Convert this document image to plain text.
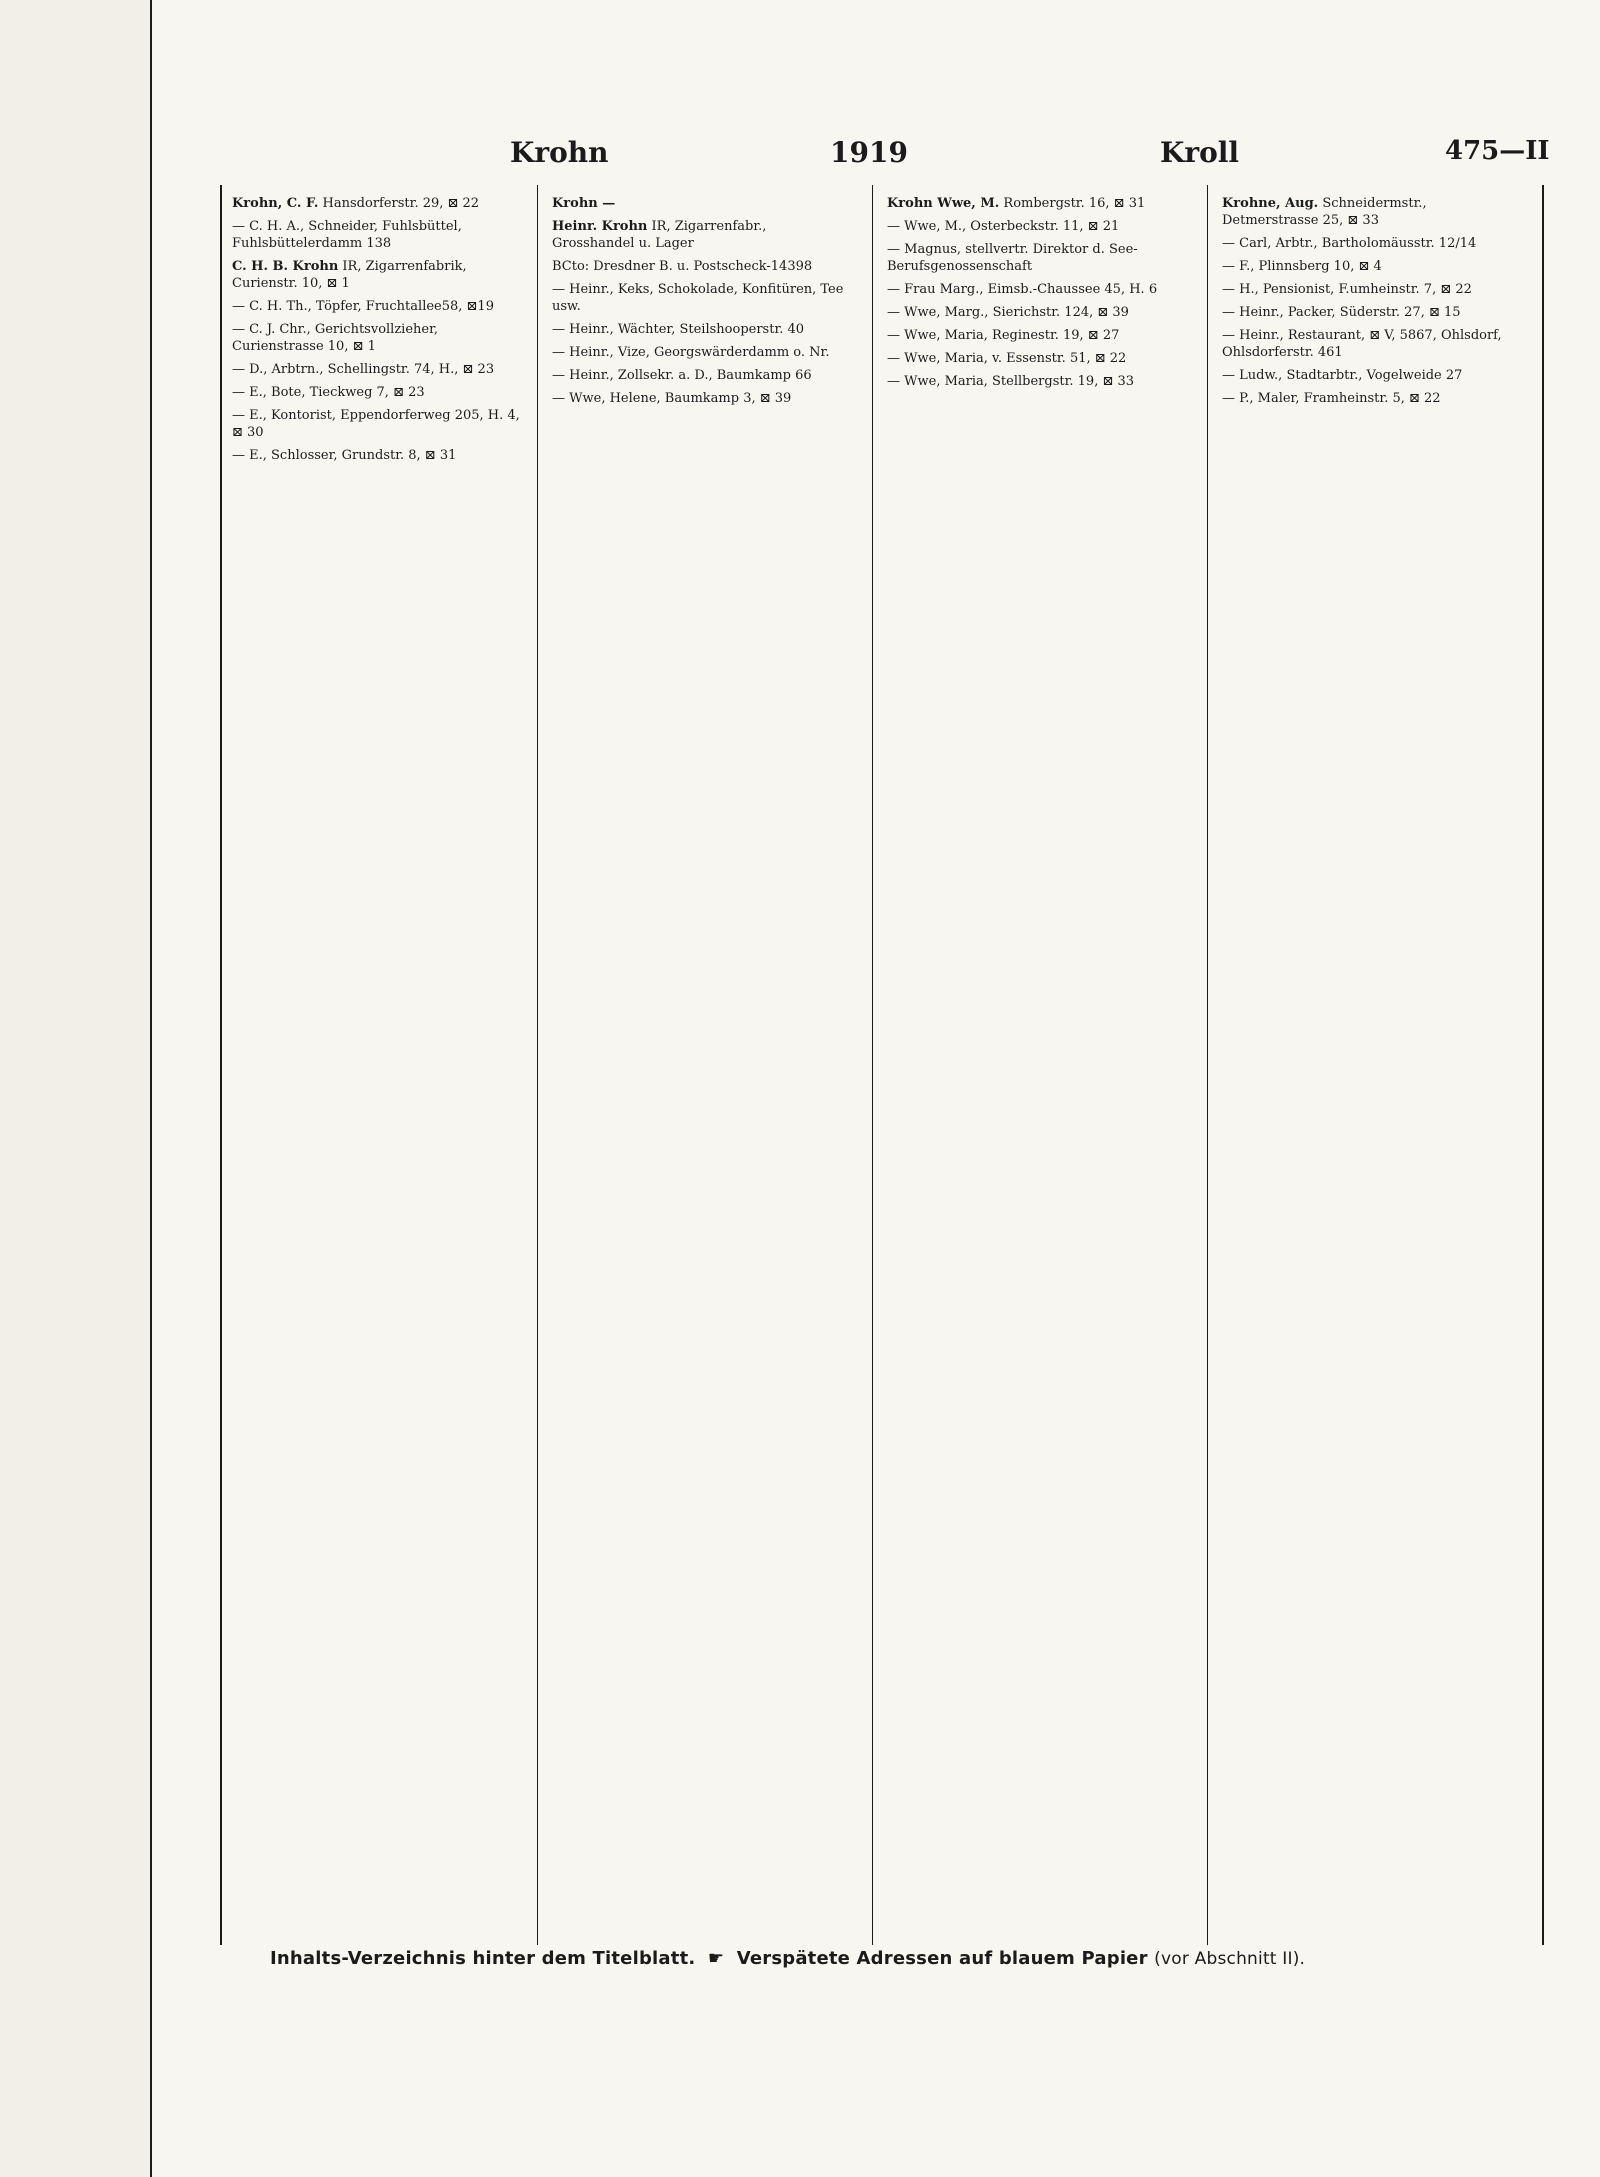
Krohn	1919	Kroll	475—II
Krohn, C. F. Hansdorferstr. 29, ⊠ 22
— C. H. A., Schneider, Fuhlsbüttel, Fuhlsbüttelerdamm 138
C. H. B. Krohn IR, Zigarrenfabrik, Curienstr. 10, ⊠ 1
— C. H. Th., Töpfer, Fruchtallee58, ⊠19
— C. J. Chr., Gerichtsvollzieher, Curienstrasse 10, ⊠ 1
— D., Arbtrn., Schellingstr. 74, H., ⊠ 23
— E., Bote, Tieckweg 7, ⊠ 23
— E., Kontorist, Eppendorferweg 205, H. 4, ⊠ 30
— E., Schlosser, Grundstr. 8, ⊠ 31
Krohn —
Heinr. Krohn IR, Zigarrenfabr., Grosshandel u. Lager
BCto: Dresdner B. u. Postscheck-14398
— Heinr., Keks, Schokolade, Konfitüren, Tee usw.
— Heinr., Wächter, Steilshooperstr. 40
— Heinr., Vize, Georgswärderdamm o. Nr.
— Heinr., Zollsekr. a. D., Baumkamp 66
— Wwe, Helene, Baumkamp 3, ⊠ 39
Krohn Wwe, M. Rombergstr. 16, ⊠ 31
— Wwe, M., Osterbeckstr. 11, ⊠ 21
— Magnus, stellvertr. Direktor d. See-Berufsgenossenschaft
— Frau Marg., Eimsb.-Chaussee 45, H. 6
— Wwe, Marg., Sierichstr. 124, ⊠ 39
— Wwe, Maria, Reginestr. 19, ⊠ 27
— Wwe, Maria, v. Essenstr. 51, ⊠ 22
— Wwe, Maria, Stellbergstr. 19, ⊠ 33
Krohne, Aug. Schneidermstr., Detmerstrasse 25, ⊠ 33
— Carl, Arbtr., Bartholomäusstr. 12/14
— F., Plinnsberg 10, ⊠ 4
— H., Pensionist, F.umheinstr. 7, ⊠ 22
— Heinr., Packer, Süderstr. 27, ⊠ 15
— Heinr., Restaurant, ⊠ V, 5867, Ohlsdorf, Ohlsdorferstr. 461
— Ludw., Stadtarbtr., Vogelweide 27
— P., Maler, Framheinstr. 5, ⊠ 22
Inhalts-Verzeichnis hinter dem Titelblatt. ☛ Verspätete Adressen auf blauem Papier (vor Abschnitt II).
